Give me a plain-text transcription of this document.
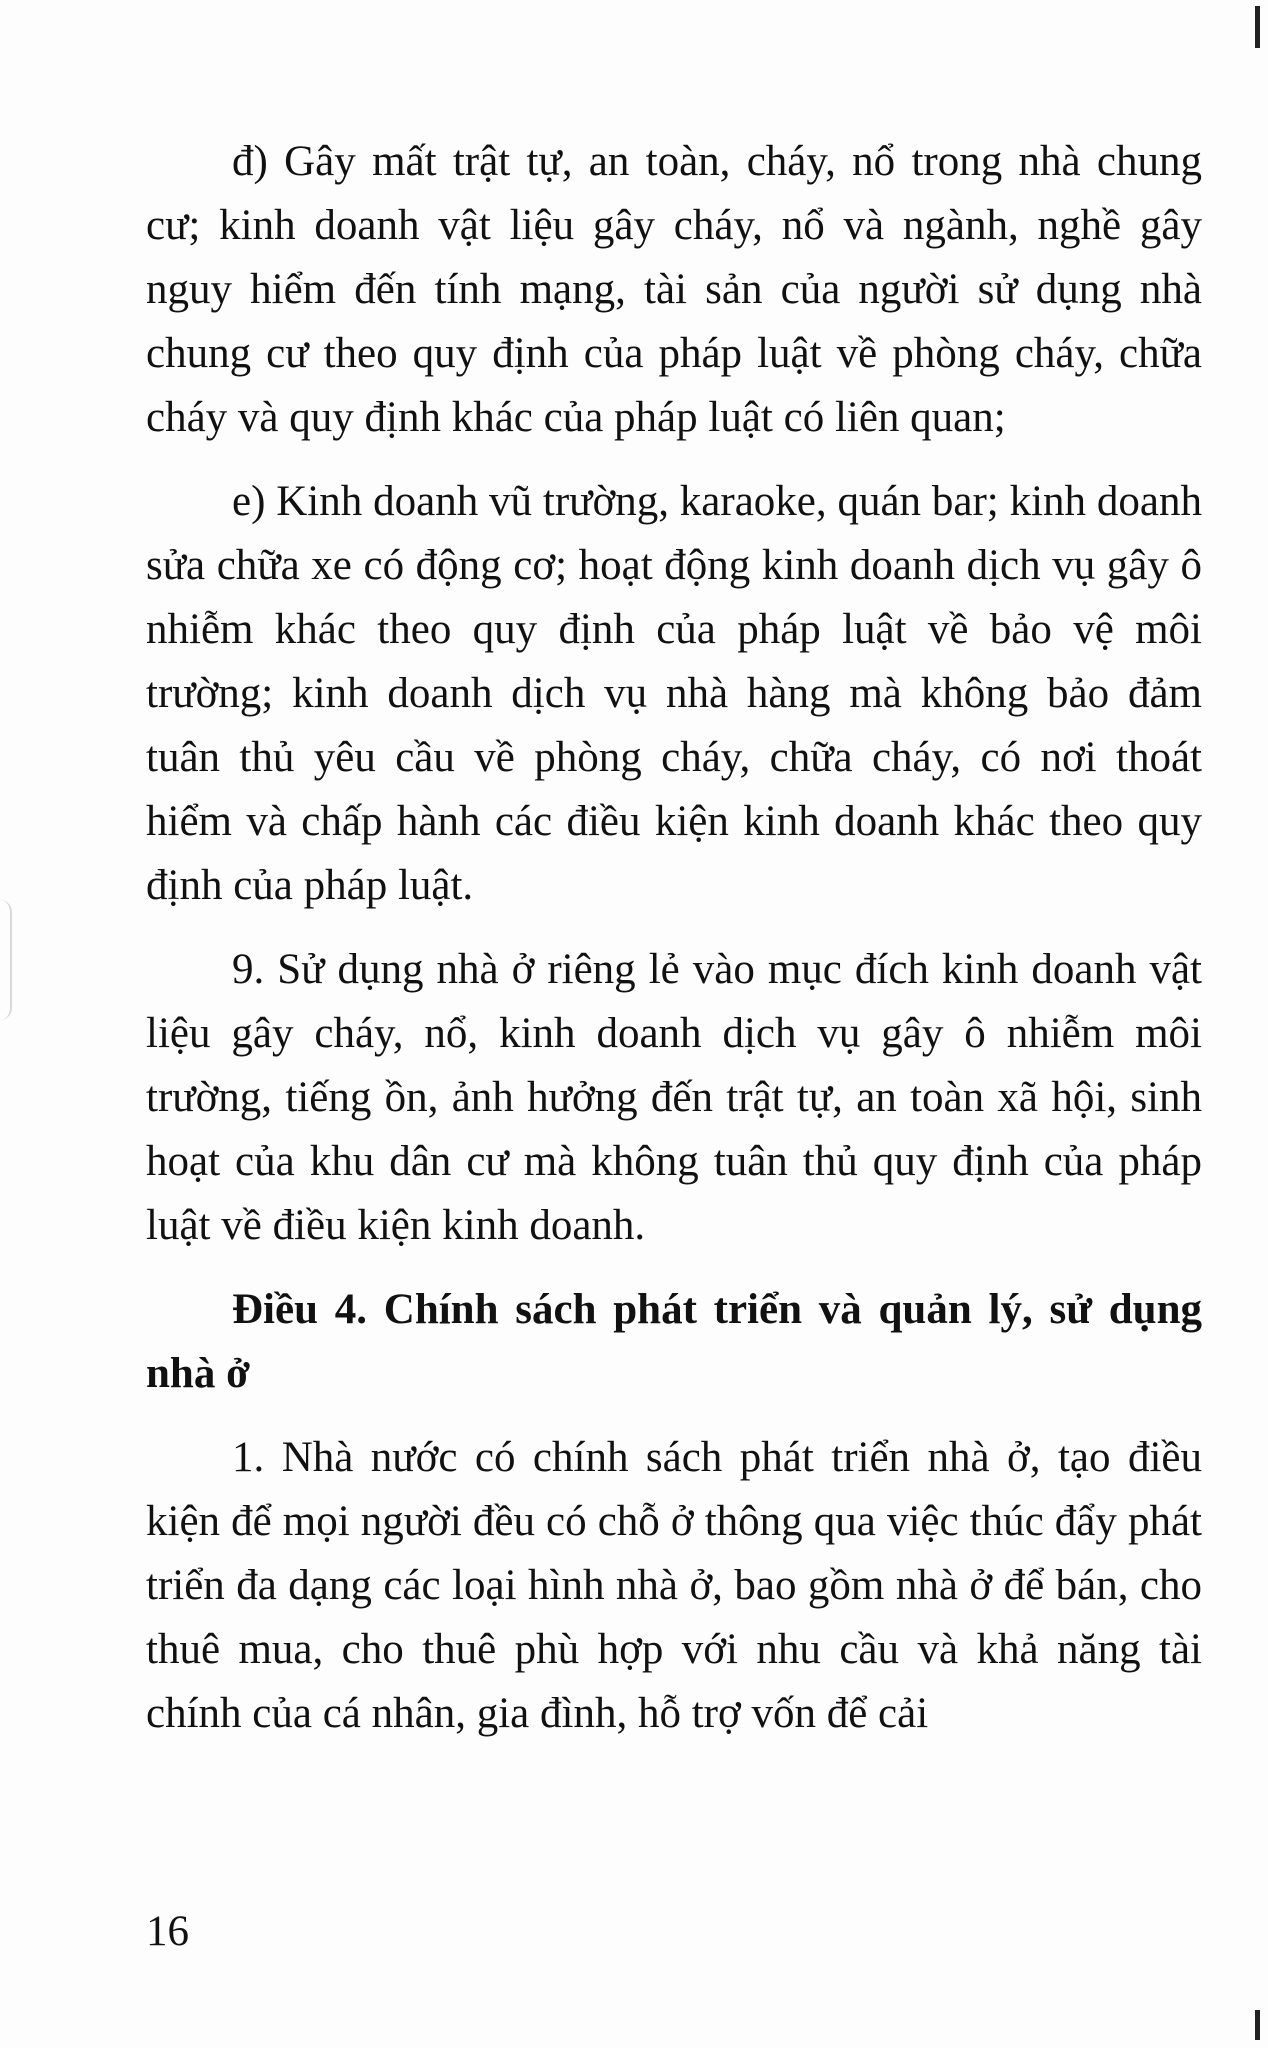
đ) Gây mất trật tự, an toàn, cháy, nổ trong nhà chung cư; kinh doanh vật liệu gây cháy, nổ và ngành, nghề gây nguy hiểm đến tính mạng, tài sản của người sử dụng nhà chung cư theo quy định của pháp luật về phòng cháy, chữa cháy và quy định khác của pháp luật có liên quan;

e) Kinh doanh vũ trường, karaoke, quán bar; kinh doanh sửa chữa xe có động cơ; hoạt động kinh doanh dịch vụ gây ô nhiễm khác theo quy định của pháp luật về bảo vệ môi trường; kinh doanh dịch vụ nhà hàng mà không bảo đảm tuân thủ yêu cầu về phòng cháy, chữa cháy, có nơi thoát hiểm và chấp hành các điều kiện kinh doanh khác theo quy định của pháp luật.

9. Sử dụng nhà ở riêng lẻ vào mục đích kinh doanh vật liệu gây cháy, nổ, kinh doanh dịch vụ gây ô nhiễm môi trường, tiếng ồn, ảnh hưởng đến trật tự, an toàn xã hội, sinh hoạt của khu dân cư mà không tuân thủ quy định của pháp luật về điều kiện kinh doanh.

Điều 4. Chính sách phát triển và quản lý, sử dụng nhà ở

1. Nhà nước có chính sách phát triển nhà ở, tạo điều kiện để mọi người đều có chỗ ở thông qua việc thúc đẩy phát triển đa dạng các loại hình nhà ở, bao gồm nhà ở để bán, cho thuê mua, cho thuê phù hợp với nhu cầu và khả năng tài chính của cá nhân, gia đình, hỗ trợ vốn để cải

16
